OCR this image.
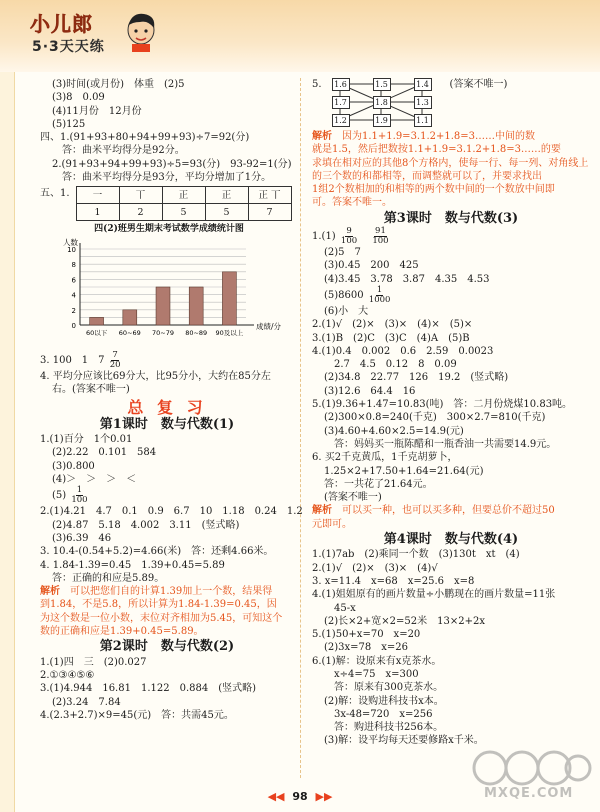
小儿郎
5·3天天练
(3)时间(或月份)　体重　(2)5
(3)8　0.09
(4)11月份　12月份
(5)125
四、1.(91+93+80+94+99+93)÷7=92(分)
答：曲米平均得分是92分。
2.(91+93+94+99+93)÷5=93(分)　93-92=1(分)
答：曲米平均得分是93分，平均分增加了1分。
五、1. 一	丅	正	正	正 丅
1	2	5	5	7
四(2)班男生期末考试数学成绩统计图
0
2
4
6
8
10
人数
成绩/分
60以下 60~69 70~79 80~89 90及以上
3. 100　1　$7 \frac{7}{20}$
4. 平均分应该比69分大，比95分小，大约在85分左
右。(答案不唯一)
总 复 习
第1课时　数与代数(1)
1.(1)百分　1个0.01
(2)2.22　0.101　584
(3)0.800
(4)＞　＞　＞　＜
$(5) \frac{1}{100}$
2.(1)4.21　4.7　0.1　0.9　6.7　10　1.18　0.24　1.2
(2)4.87　5.18　4.002　3.11　(竖式略)
(3)6.39　46
3. 10.4-(0.54+5.2)=4.66(米)　答：还剩4.66米。
4. 1.84-1.39=0.45　1.39+0.45=5.89
答：正确的和应是5.89。
解析　 可以把您们自的计算1.39加上一个数，结果得
到1.84，不是5.8，所以计算为1.84-1.39=0.45，因
为这个数是一位小数，末位对齐相加为5.45，可知这个
数的正确和应是1.39+0.45=5.89。
第2课时　数与代数(2)
1.(1)四　三　(2)0.027
2.①③④⑤⑥
3.(1)4.944　16.81　1.122　0.884　(竖式略)
(2)3.24　7.84
4.(2.3+2.7)×9=45(元)　答：共需45元。
5.	1.6	1.5	1.4
1.7	1.8	1.3
1.2	1.9	1.1
(答案不唯一)
解析　 因为1.1+1.9=3.1.2+1.8=3……中间的数
就是1.5，然后把数按1.1+1.9=3.1.2+1.8=3……的要
求填在相对应的其他8个方格内，使每一行、每一列、对角线上
的三个数的和都相等，而调整就可以了，并要求找出
1组2个数相加的和相等的两个数中间的一个数放中间即
可。答案不唯一。
第3课时　数与代数(3)
$1.(1) \frac{9}{100}$
$\frac{91}{100}$
(2)5　7
(3)0.45　200　425
(4)3.45　3.78　3.87　4.35　4.53
$(5)8600 \frac{1}{1000}$
(6)小　大
2.(1)√　(2)×　(3)×　(4)×　(5)×
3.(1)B　(2)C　(3)C　(4)A　(5)B
4.(1)0.4　0.002　0.6　2.59　0.0023
2.7　4.5　0.12　8　0.09
(2)34.8　22.77　126　19.2　(竖式略)
(3)12.6　64.4　16
5.(1)9.36+1.47=10.83(吨)　答：二月份烧煤10.83吨。
(2)300×0.8=240(千克)　300×2.7=810(千克)
(3)4.60+4.60×2.5=14.9(元)
答：妈妈买一瓶陈醋和一瓶香油一共需要14.9元。
6. 买2千克黄瓜，1千克胡萝卜，
1.25×2+17.50+1.64=21.64(元)
答：一共花了21.64元。
(答案不唯一)
解析　 可以买一种，也可以买多种，但要总价不超过50
元即可。
第4课时　数与代数(4)
1.(1)7ab　(2)乘同一个数　(3)130t　xt　(4)
2.(1)√　(2)×　(3)×　(4)√
3. x=11.4　x=68　x=25.6　x=8
4.(1)姐姐原有的画片数量÷小鹏现在的画片数量=11张
45-x
(2)长×2+宽×2=52米　13×2+2x
5.(1)50+x=70　x=20
(2)3x=78　x=26
6.(1)解：设原来有x克茶水。
x÷4=75　x=300
答：原来有300克茶水。
(2)解：设购进科技书x本。
3x-48=720　x=256
答：购进科技书256本。
(3)解：设平均每天还要修路x千米。
◀◀ 98 ▶▶	MXQE.COM
